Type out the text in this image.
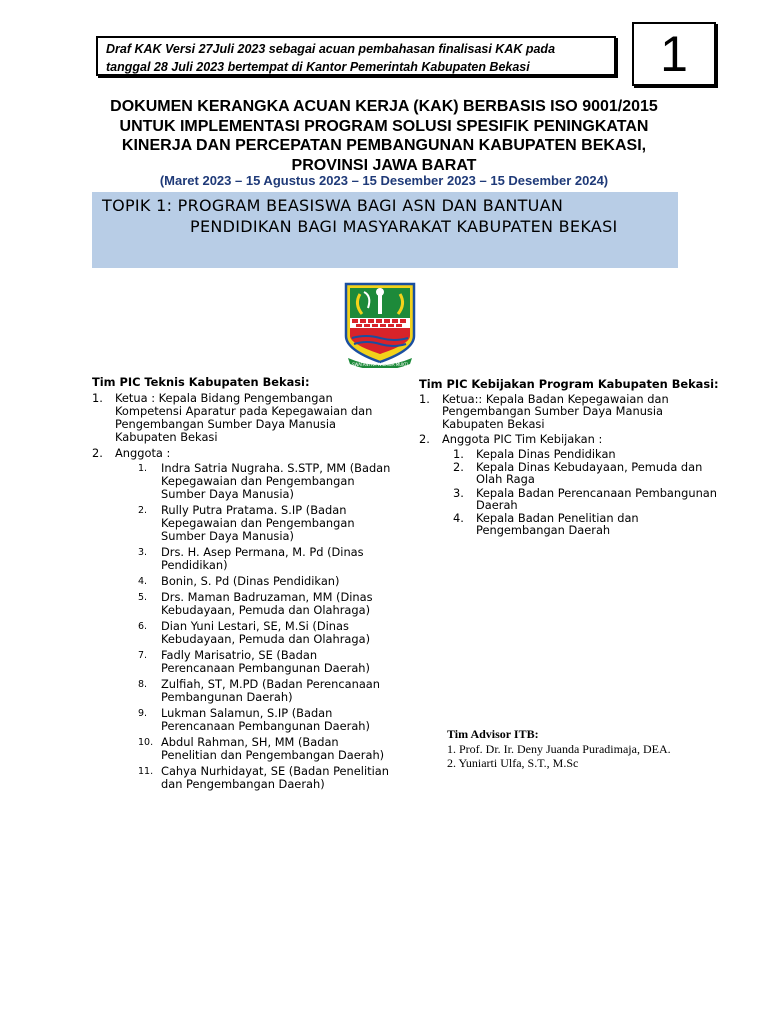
Draf KAK Versi 27Juli 2023 sebagai acuan pembahasan finalisasi KAK pada
tanggal 28 Juli 2023 bertempat di Kantor Pemerintah Kabupaten Bekasi	1
DOKUMEN KERANGKA ACUAN KERJA (KAK) BERBASIS ISO 9001/2015
UNTUK IMPLEMENTASI PROGRAM SOLUSI SPESIFIK PENINGKATAN
KINERJA DAN PERCEPATAN PEMBANGUNAN KABUPATEN BEKASI,
PROVINSI JAWA BARAT
(Maret 2023 – 15 Agustus 2023 – 15 Desember 2023 – 15 Desember 2024)
TOPIK 1: PROGRAM BEASISWA BAGI ASN DAN BANTUAN
PENDIDIKAN BAGI MASYARAKAT KABUPATEN BEKASI
SWATANTRA WIBAWA MUKTI
Tim PIC Teknis Kabupaten Bekasi:
1. Ketua : Kepala Bidang Pengembangan Kompetensi Aparatur pada Kepegawaian dan Pengembangan Sumber Daya Manusia Kabupaten Bekasi
2. Anggota :
1. Indra Satria Nugraha. S.STP, MM (Badan Kepegawaian dan Pengembangan Sumber Daya Manusia)
2. Rully Putra Pratama. S.IP (Badan Kepegawaian dan Pengembangan Sumber Daya Manusia)
3. Drs. H. Asep Permana, M. Pd (Dinas Pendidikan)
4. Bonin, S. Pd (Dinas Pendidikan)
5. Drs. Maman Badruzaman, MM (Dinas Kebudayaan, Pemuda dan Olahraga)
6. Dian Yuni Lestari, SE, M.Si (Dinas Kebudayaan, Pemuda dan Olahraga)
7. Fadly Marisatrio, SE (Badan Perencanaan Pembangunan Daerah)
8. Zulfiah, ST, M.PD (Badan Perencanaan Pembangunan Daerah)
9. Lukman Salamun, S.IP (Badan Perencanaan Pembangunan Daerah)
10. Abdul Rahman, SH, MM (Badan Penelitian dan Pengembangan Daerah)
11. Cahya Nurhidayat, SE (Badan Penelitian dan Pengembangan Daerah)
Tim PIC Kebijakan Program Kabupaten Bekasi:
1. Ketua:: Kepala Badan Kepegawaian dan Pengembangan Sumber Daya Manusia Kabupaten Bekasi
2. Anggota PIC Tim Kebijakan :
1. Kepala Dinas Pendidikan
2. Kepala Dinas Kebudayaan, Pemuda dan Olah Raga
3. Kepala Badan Perencanaan Pembangunan Daerah
4. Kepala Badan Penelitian dan Pengembangan Daerah
Tim Advisor ITB:
1. Prof. Dr. Ir. Deny Juanda Puradimaja, DEA.
2. Yuniarti Ulfa, S.T., M.Sc
